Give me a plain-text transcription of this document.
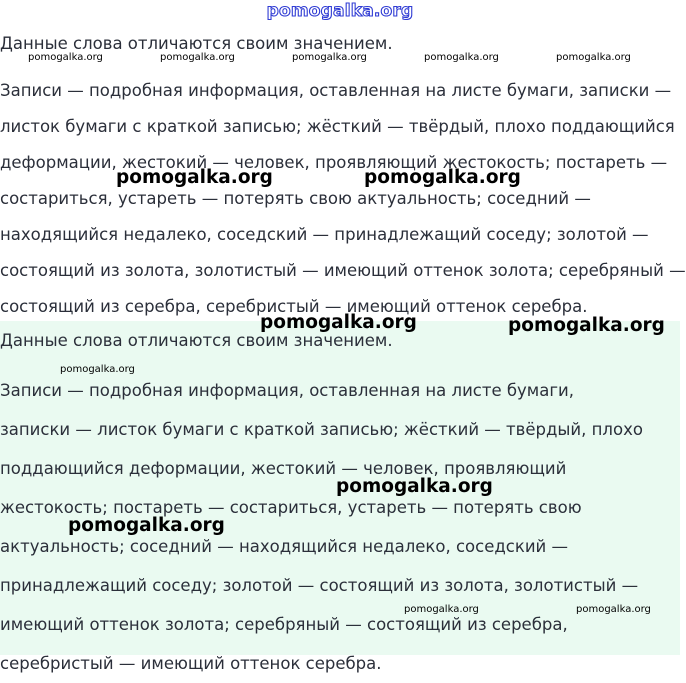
pomogalka.org

Данные слова отличаются своим значением.

Записи — подробная информация, оставленная на листе бумаги, записки —
листок бумаги с краткой записью; жёсткий — твёрдый, плохо поддающийся
деформации, жестокий — человек, проявляющий жестокость; постареть —
состариться, устареть — потерять свою актуальность; соседний —
находящийся недалеко, соседский — принадлежащий соседу; золотой —
состоящий из золота, золотистый — имеющий оттенок золота; серебряный —
состоящий из серебра, серебристый — имеющий оттенок серебра.

Данные слова отличаются своим значением.

Записи — подробная информация, оставленная на листе бумаги,
записки — листок бумаги с краткой записью; жёсткий — твёрдый, плохо
поддающийся деформации, жестокий — человек, проявляющий
жестокость; постареть — состариться, устареть — потерять свою
актуальность; соседний — находящийся недалеко, соседский —
принадлежащий соседу; золотой — состоящий из золота, золотистый —
имеющий оттенок золота; серебряный — состоящий из серебра,
серебристый — имеющий оттенок серебра.

pomogalka.org	pomogalka.org	pomogalka.org	pomogalka.org	pomogalka.org
pomogalka.org	pomogalka.org
pomogalka.org	pomogalka.org
pomogalka.org
pomogalka.org
pomogalka.org
pomogalka.org	pomogalka.org
